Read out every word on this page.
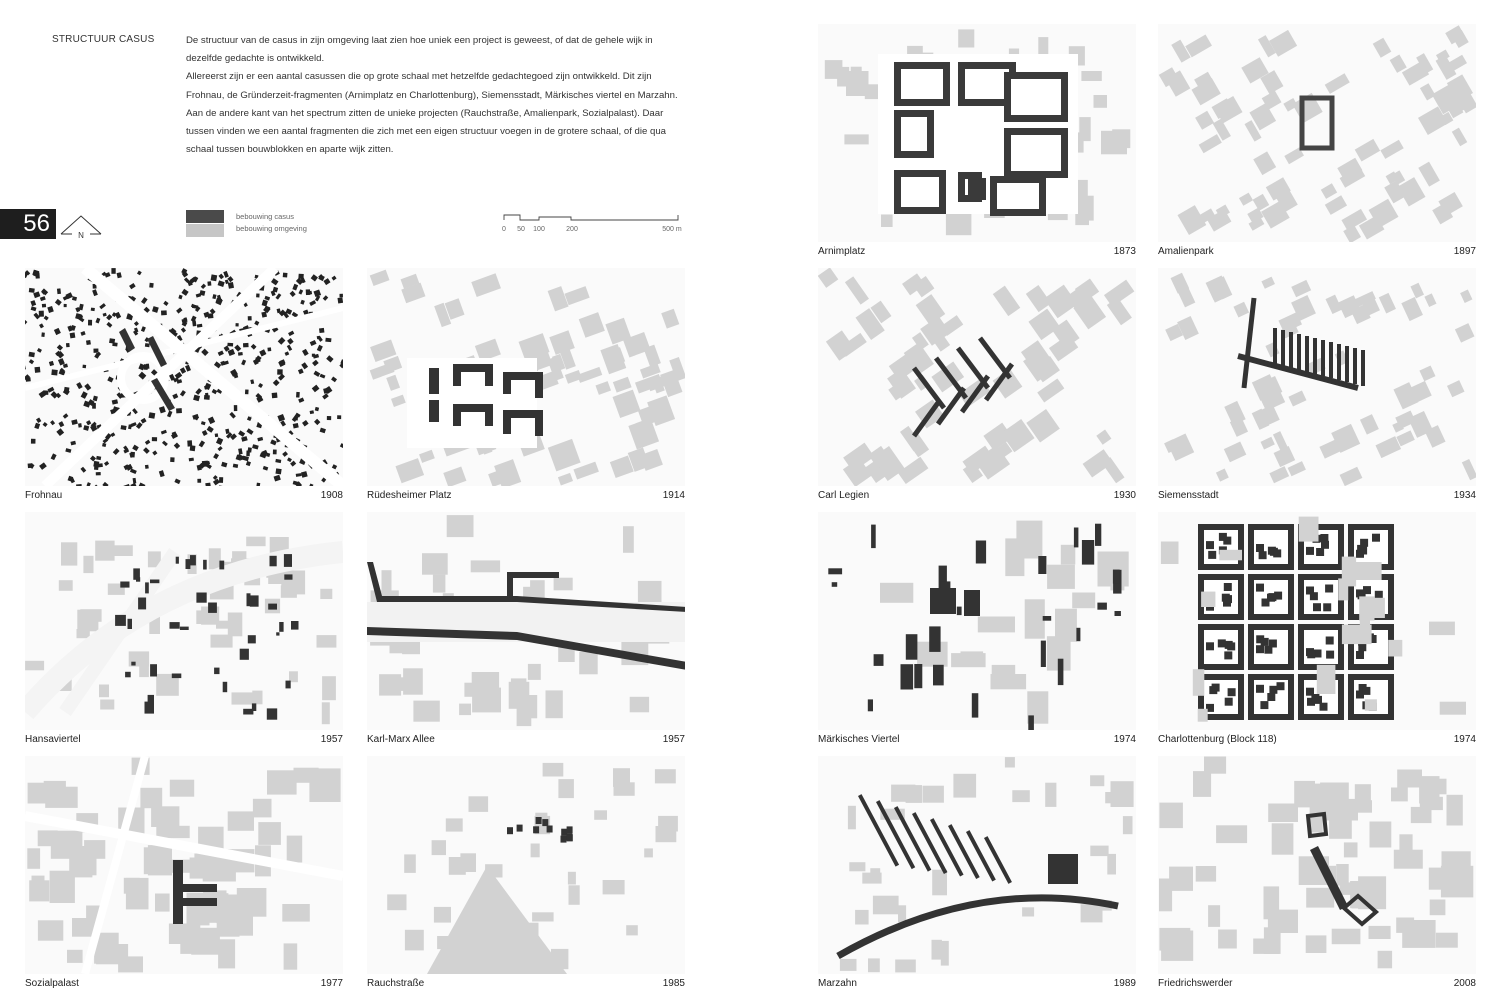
STRUCTUUR CASUS	De structuur van de casus in zijn omgeving laat zien hoe uniek een project is geweest, of dat de gehele wijk in dezelfde gedachte is ontwikkeld.

Allereerst zijn er een aantal casussen die op grote schaal met hetzelfde gedachtegoed zijn ontwikkeld. Dit zijn Frohnau, de Gründerzeit-fragmenten (Arnimplatz en Charlottenburg), Siemensstadt, Märkisches viertel en Marzahn. Aan de andere kant van het spectrum zitten de unieke projecten (Rauchstraße, Amalienpark, Sozialpalast). Daar tussen vinden we een aantal fragmenten die zich met een eigen structuur voegen in de grotere schaal, of die qua schaal tussen bouwblokken en aparte wijk zitten.

56	N
bebouwing casus
bebouwing omgeving	0 50 100	200	500 m
Frohnau	1908 Rüdesheimer Platz	1914
Hansaviertel	1957 Karl-Marx Allee	1957
Sozialpalast	1977 Rauchstraße	1985
Arnimplatz	1873 Amalienpark	1897
Carl Legien	1930 Siemensstadt	1934
Märkisches Viertel	1974 Charlottenburg (Block 118)	1974
Marzahn	1989 Friedrichswerder	2008
